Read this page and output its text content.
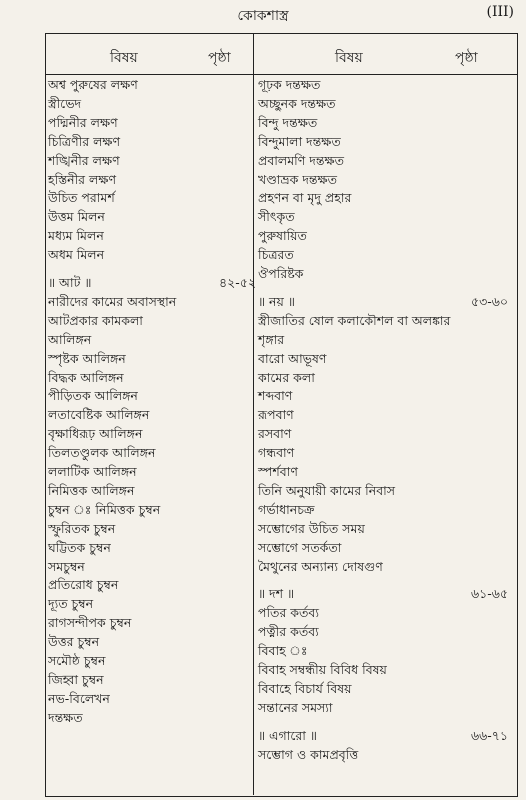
কোকশাস্ত্র	(III)
বিষয়	পৃষ্ঠা	বিষয়	পৃষ্ঠা
অশ্ব পুরুষের লক্ষণ
স্ত্রীভেদ
পদ্মিনীর লক্ষণ
চিত্রিণীর লক্ষণ
শঙ্খিনীর লক্ষণ
হস্তিনীর লক্ষণ
উচিত পরামর্শ
উত্তম মিলন
মধ্যম মিলন
অধম মিলন
॥ আট ॥	৪২-৫২
নারীদের কামের অবাসস্থান
আটপ্রকার কামকলা
আলিঙ্গন
স্পৃষ্টক আলিঙ্গন
বিদ্ধক আলিঙ্গন
পীড়িতক আলিঙ্গন
লতাবেষ্টিক আলিঙ্গন
বৃক্ষাধিরূঢ় আলিঙ্গন
তিলতণ্ডুলক আলিঙ্গন
ললাটিক আলিঙ্গন
নিমিত্তক আলিঙ্গন
চুম্বন ঃ নিমিত্তক চুম্বন
স্ফুরিতক চুম্বন
ঘট্টিতক চুম্বন
সমচুম্বন
প্রতিরোধ চুম্বন
দ্যূত চুম্বন
রাগসন্দীপক চুম্বন
উত্তর চুম্বন
সমৌষ্ঠ চুম্বন
জিহ্বা চুম্বন
নভ-বিলেখন
দন্তক্ষত
গূঢ়ক দন্তক্ষত
অচ্ছুনক দন্তক্ষত
বিন্দু দন্তক্ষত
বিন্দুমালা দন্তক্ষত
প্রবালমণি দন্তক্ষত
খণ্ডাভ্রক দন্তক্ষত
প্রহণন বা মৃদু প্রহার
সীৎকৃত
পুরুষায়িত
চিত্ররত
ঔপরিষ্টক
॥ নয় ॥	৫৩-৬০
স্ত্রীজাতির ষোল কলাকৌশল বা অলঙ্কার
শৃঙ্গার
বারো আভূষণ
কামের কলা
শব্দবাণ
রূপবাণ
রসবাণ
গন্ধবাণ
স্পর্শবাণ
তিনি অনুযায়ী কামের নিবাস
গর্ভাধানচক্র
সম্ভোগের উচিত সময়
সম্ভোগে সতর্কতা
মৈথুনের অন্যান্য দোষগুণ
॥ দশ ॥	৬১-৬৫
পতির কর্তব্য
পত্নীর কর্তব্য
বিবাহ ঃ
বিবাহ সম্বন্ধীয় বিবিধ বিষয়
বিবাহে বিচার্য বিষয়
সন্তানের সমস্যা
॥ এগারো ॥	৬৬-৭১
সম্ভোগ ও কামপ্রবৃত্তি
